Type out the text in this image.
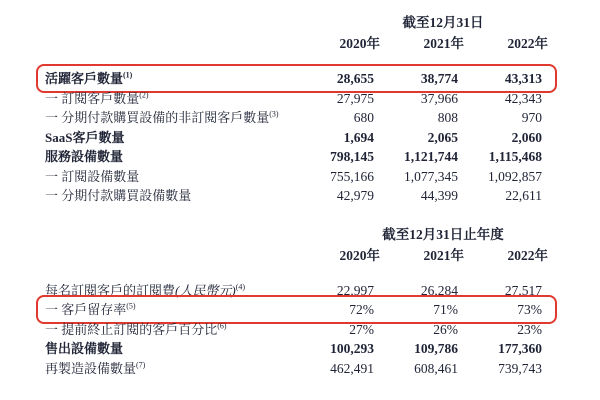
截至12月31日
2020年	2021年	2022年
活躍客戶數量$^{(1)}$	28,655	38,774	43,313
一 訂閱客戶數量$^{(2)}$	27,975	37,966	42,343
一 分期付款購買設備的非訂閱客戶數量$^{(3)}$	680	808	970
SaaS客戶數量	1,694	2,065	2,060
服務設備數量	798,145	1,121,744	1,115,468
一 訂閱設備數量	755,166	1,077,345	1,092,857
一 分期付款購買設備數量	42,979	44,399	22,611
截至12月31日止年度
2020年	2021年	2022年
每名訂閱客戶的訂閱費(人民幣元)$^{(4)}$	22,997	26,284	27,517
一 客戶留存率$^{(5)}$	72%	71%	73%
一 提前終止訂閱的客戶百分比$^{(6)}$	27%	26%	23%
售出設備數量	100,293	109,786	177,360
再製造設備數量$^{(7)}$	462,491	608,461	739,743
